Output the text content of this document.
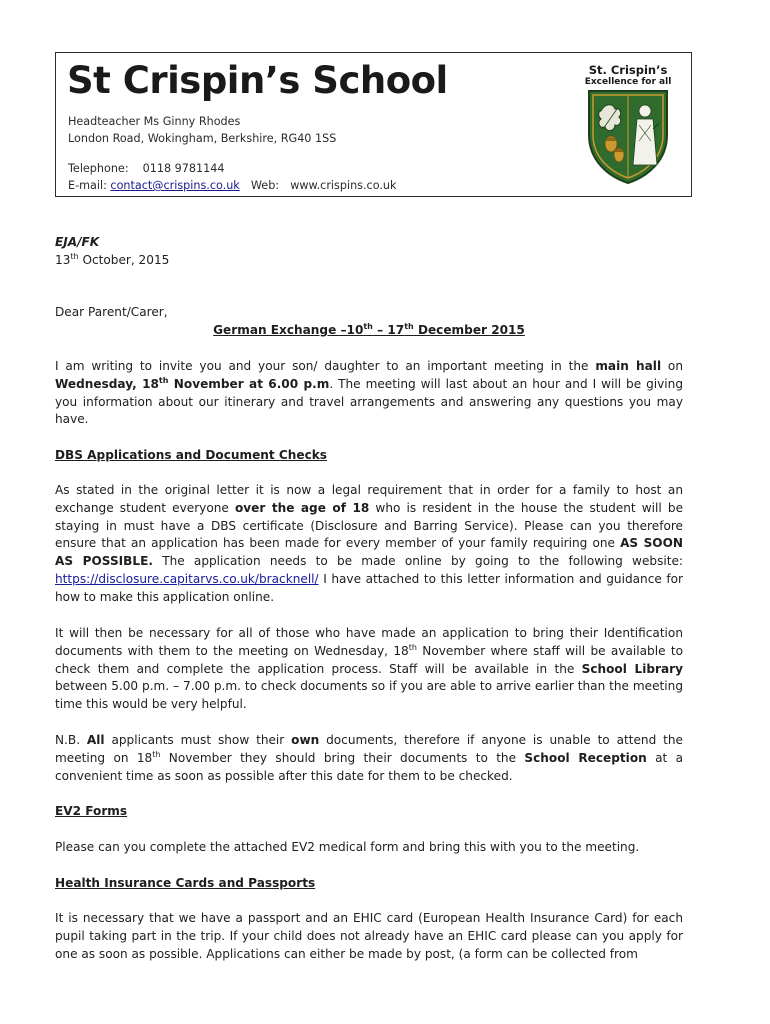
St Crispin’s School
Headteacher Ms Ginny Rhodes
London Road, Wokingham, Berkshire, RG40 1SS
Telephone: 0118 9781144
E-mail: contact@crispins.co.uk Web: www.crispins.co.uk
St. Crispin’s
Excellence for all
EJA/FK
13th October, 2015
Dear Parent/Carer,
German Exchange –10th – 17th December 2015
I am writing to invite you and your son/ daughter to an important meeting in the main hall on Wednesday, 18th November at 6.00 p.m. The meeting will last about an hour and I will be giving you information about our itinerary and travel arrangements and answering any questions you may have.
DBS Applications and Document Checks
As stated in the original letter it is now a legal requirement that in order for a family to host an exchange student everyone over the age of 18 who is resident in the house the student will be staying in must have a DBS certificate (Disclosure and Barring Service). Please can you therefore ensure that an application has been made for every member of your family requiring one AS SOON AS POSSIBLE. The application needs to be made online by going to the following website: https://disclosure.capitarvs.co.uk/bracknell/ I have attached to this letter information and guidance for how to make this application online.
It will then be necessary for all of those who have made an application to bring their Identification documents with them to the meeting on Wednesday, 18th November where staff will be available to check them and complete the application process. Staff will be available in the School Library between 5.00 p.m. – 7.00 p.m. to check documents so if you are able to arrive earlier than the meeting time this would be very helpful.
N.B. All applicants must show their own documents, therefore if anyone is unable to attend the meeting on 18th November they should bring their documents to the School Reception at a convenient time as soon as possible after this date for them to be checked.
EV2 Forms
Please can you complete the attached EV2 medical form and bring this with you to the meeting.
Health Insurance Cards and Passports
It is necessary that we have a passport and an EHIC card (European Health Insurance Card) for each pupil taking part in the trip. If your child does not already have an EHIC card please can you apply for one as soon as possible. Applications can either be made by post, (a form can be collected from
